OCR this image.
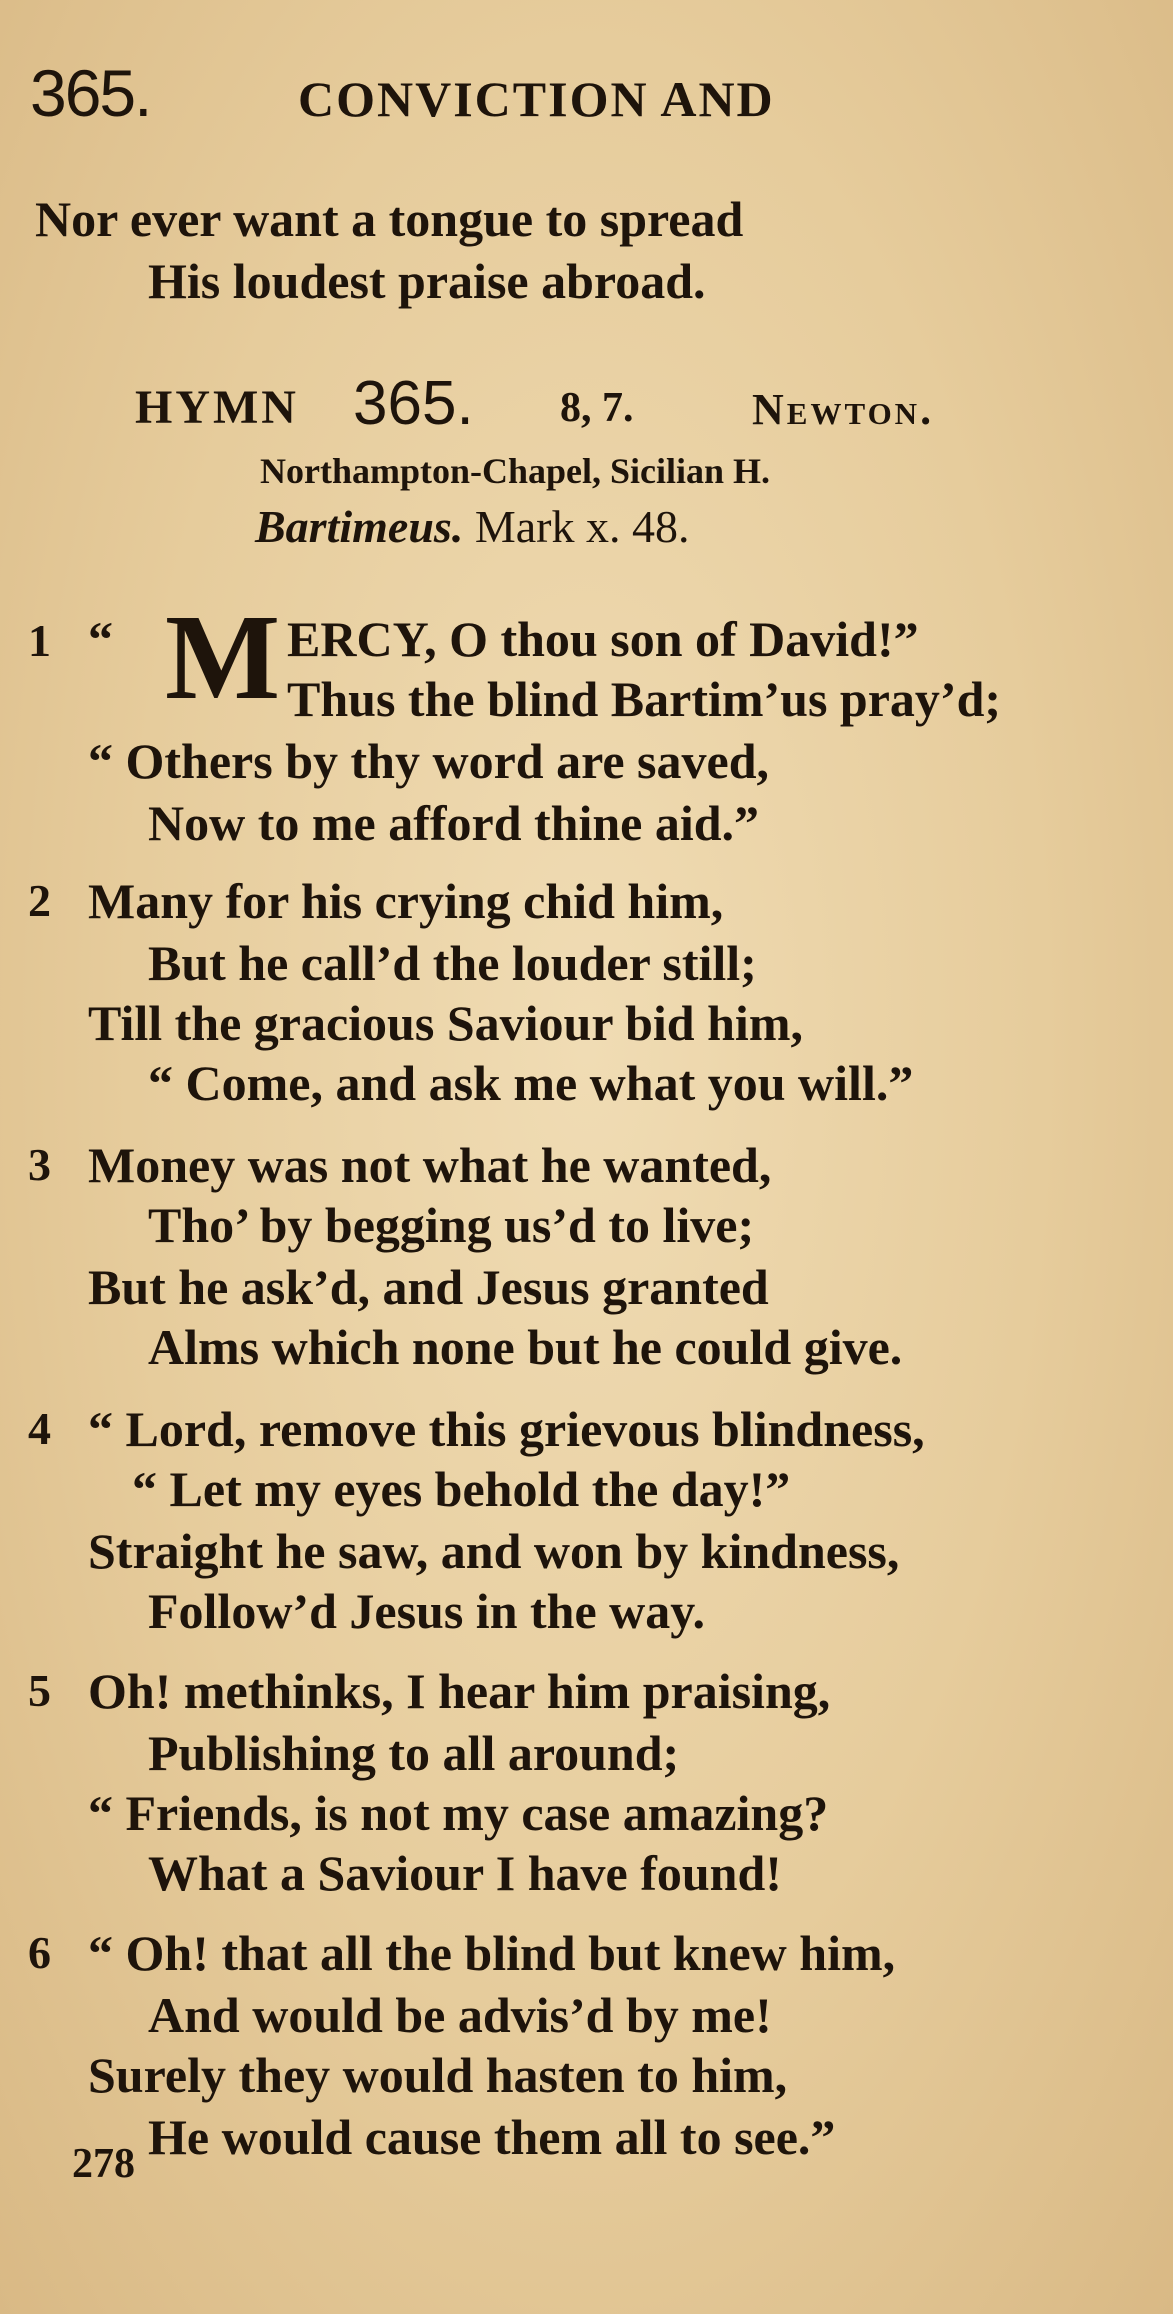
365.	CONVICTION AND
Nor ever want a tongue to spread
His loudest praise abroad.
HYMN 365. 8, 7.	Newton.
Northampton-Chapel, Sicilian H.
Bartimeus. Mark x. 48.
1 “ M ERCY, O thou son of David!”
Thus the blind Bartim’us pray’d;
“ Others by thy word are saved,
Now to me afford thine aid.”
2 Many for his crying chid him,
But he call’d the louder still;
Till the gracious Saviour bid him,
“ Come, and ask me what you will.”
3 Money was not what he wanted,
Tho’ by begging us’d to live;
But he ask’d, and Jesus granted
Alms which none but he could give.
4 “ Lord, remove this grievous blindness,
“ Let my eyes behold the day!”
Straight he saw, and won by kindness,
Follow’d Jesus in the way.
5 Oh! methinks, I hear him praising,
Publishing to all around;
“ Friends, is not my case amazing?
What a Saviour I have found!
6 “ Oh! that all the blind but knew him,
And would be advis’d by me!
Surely they would hasten to him,
He would cause them all to see.”
278
